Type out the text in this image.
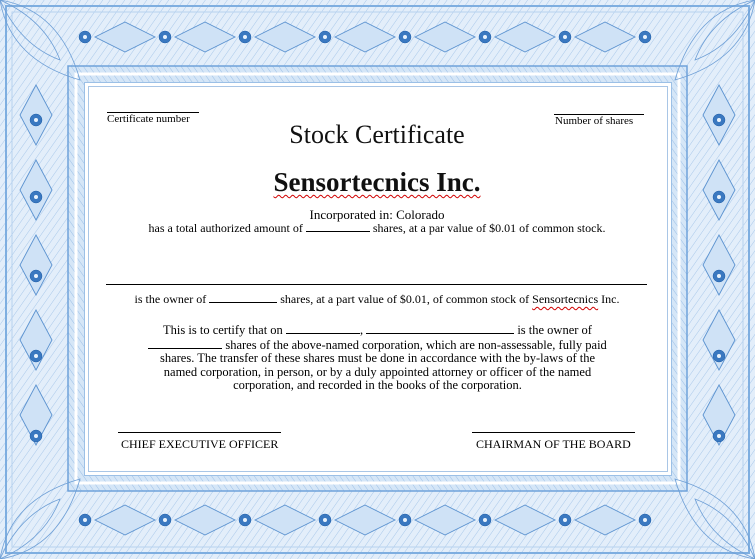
Certificate number	Number of shares
Stock Certificate
Sensortecnics Inc.
Incorporated in: Colorado
has a total authorized amount of	shares, at a par value of $0.01 of common stock.
is the owner of	shares, at a part value of $0.01, of common stock of Sensortecnics Inc.
This is to certify that on	,	is the owner of
shares of the above-named corporation, which are non-assessable, fully paid
shares. The transfer of these shares must be done in accordance with the by-laws of the
named corporation, in person, or by a duly appointed attorney or officer of the named
corporation, and recorded in the books of the corporation.
CHIEF EXECUTIVE OFFICER	CHAIRMAN OF THE BOARD
